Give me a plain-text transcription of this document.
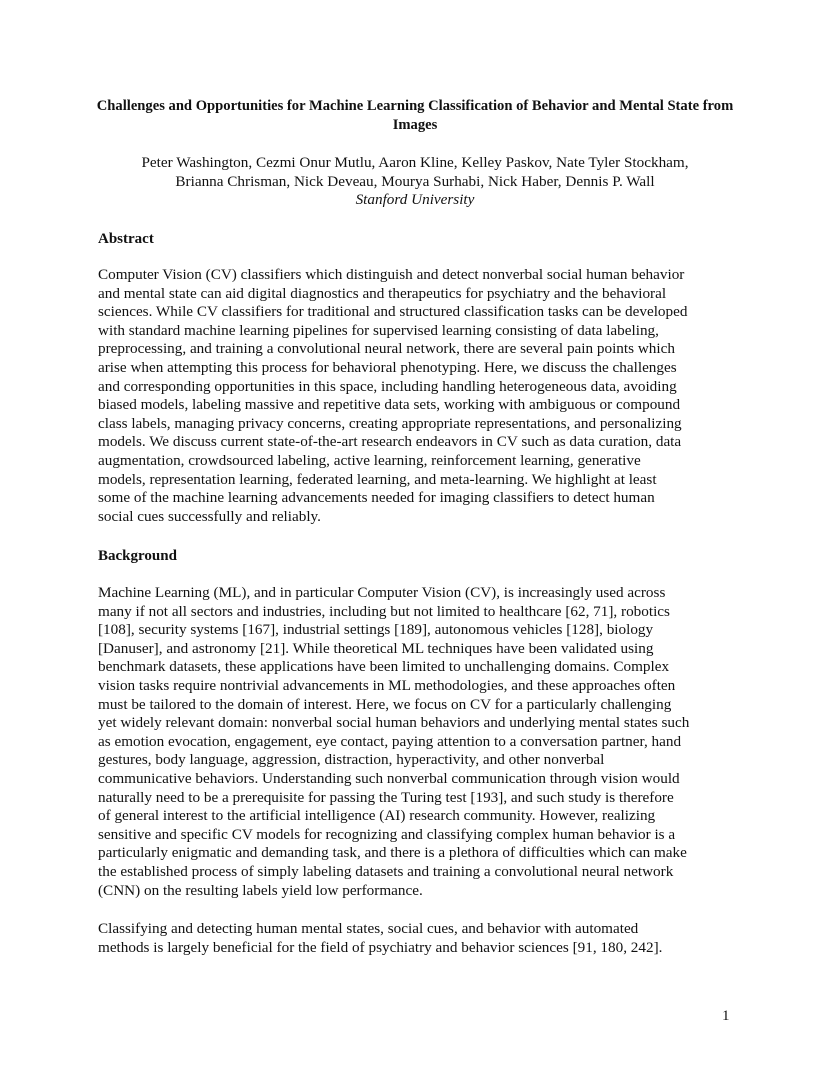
Challenges and Opportunities for Machine Learning Classification of Behavior and Mental State from Images
Peter Washington, Cezmi Onur Mutlu, Aaron Kline, Kelley Paskov, Nate Tyler Stockham,
Brianna Chrisman, Nick Deveau, Mourya Surhabi, Nick Haber, Dennis P. Wall
Stanford University
Abstract
Computer Vision (CV) classifiers which distinguish and detect nonverbal social human behavior
and mental state can aid digital diagnostics and therapeutics for psychiatry and the behavioral
sciences. While CV classifiers for traditional and structured classification tasks can be developed
with standard machine learning pipelines for supervised learning consisting of data labeling,
preprocessing, and training a convolutional neural network, there are several pain points which
arise when attempting this process for behavioral phenotyping. Here, we discuss the challenges
and corresponding opportunities in this space, including handling heterogeneous data, avoiding
biased models, labeling massive and repetitive data sets, working with ambiguous or compound
class labels, managing privacy concerns, creating appropriate representations, and personalizing
models. We discuss current state-of-the-art research endeavors in CV such as data curation, data
augmentation, crowdsourced labeling, active learning, reinforcement learning, generative
models, representation learning, federated learning, and meta-learning. We highlight at least
some of the machine learning advancements needed for imaging classifiers to detect human
social cues successfully and reliably.
Background
Machine Learning (ML), and in particular Computer Vision (CV), is increasingly used across
many if not all sectors and industries, including but not limited to healthcare [62, 71], robotics
[108], security systems [167], industrial settings [189], autonomous vehicles [128], biology
[Danuser], and astronomy [21]. While theoretical ML techniques have been validated using
benchmark datasets, these applications have been limited to unchallenging domains. Complex
vision tasks require nontrivial advancements in ML methodologies, and these approaches often
must be tailored to the domain of interest. Here, we focus on CV for a particularly challenging
yet widely relevant domain: nonverbal social human behaviors and underlying mental states such
as emotion evocation, engagement, eye contact, paying attention to a conversation partner, hand
gestures, body language, aggression, distraction, hyperactivity, and other nonverbal
communicative behaviors. Understanding such nonverbal communication through vision would
naturally need to be a prerequisite for passing the Turing test [193], and such study is therefore
of general interest to the artificial intelligence (AI) research community. However, realizing
sensitive and specific CV models for recognizing and classifying complex human behavior is a
particularly enigmatic and demanding task, and there is a plethora of difficulties which can make
the established process of simply labeling datasets and training a convolutional neural network
(CNN) on the resulting labels yield low performance.
Classifying and detecting human mental states, social cues, and behavior with automated
methods is largely beneficial for the field of psychiatry and behavior sciences [91, 180, 242].
1
